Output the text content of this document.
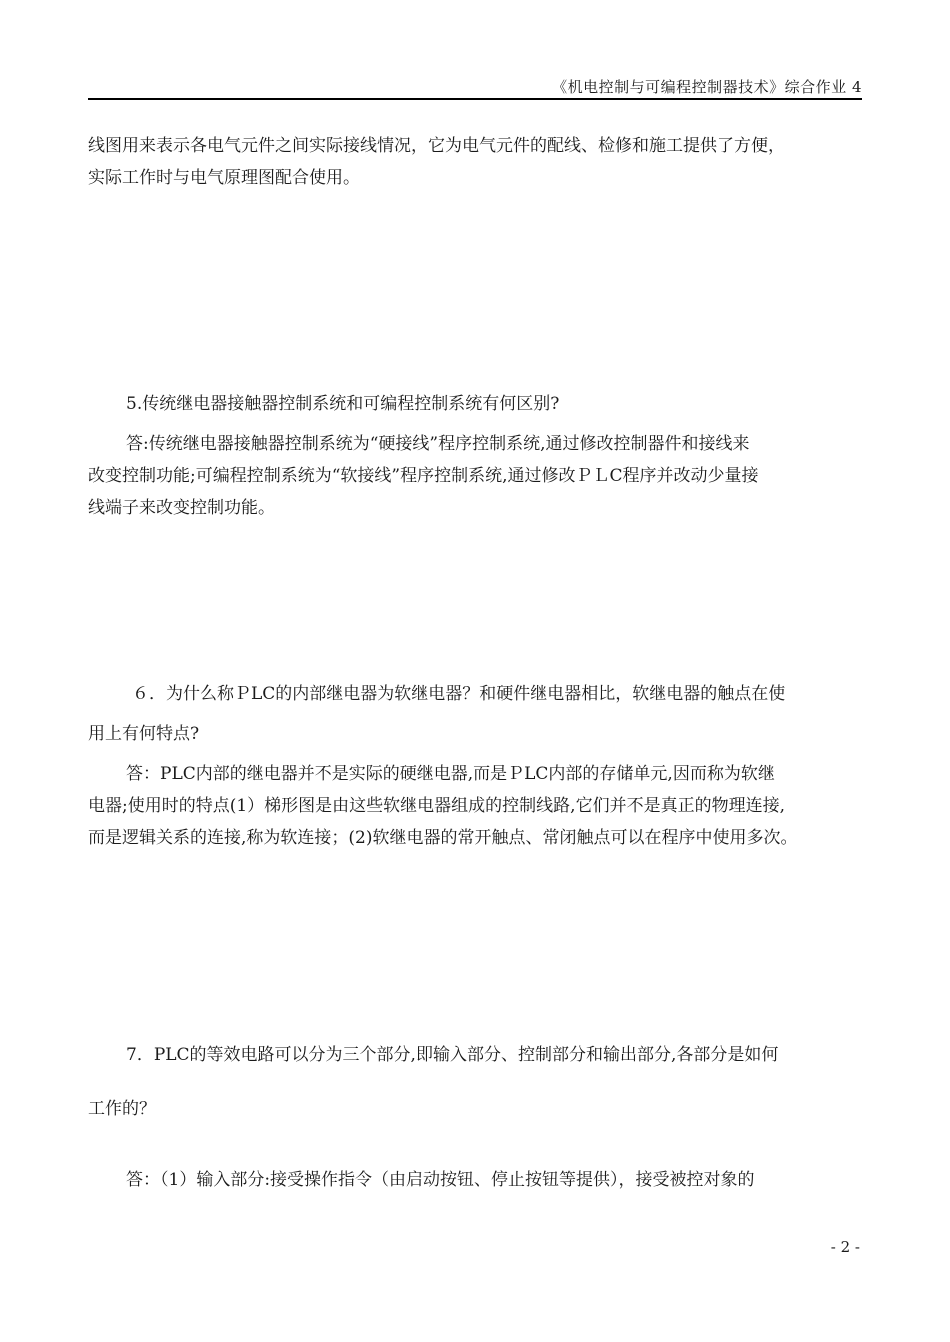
《机电控制与可编程控制器技术》综合作业 4
线图用来表示各电气元件之间实际接线情况，它为电气元件的配线、检修和施工提供了方便，
实际工作时与电气原理图配合使用。
5.传统继电器接触器控制系统和可编程控制系统有何区别?
答:传统继电器接触器控制系统为“硬接线”程序控制系统,通过修改控制器件和接线来
改变控制功能;可编程控制系统为“软接线”程序控制系统,通过修改ＰＬC程序并改动少量接
线端子来改变控制功能。
６．为什么称ＰLC的内部继电器为软继电器？和硬件继电器相比，软继电器的触点在使
用上有何特点?
答：PLC内部的继电器并不是实际的硬继电器,而是ＰLC内部的存储单元,因而称为软继
电器;使用时的特点(1）梯形图是由这些软继电器组成的控制线路,它们并不是真正的物理连接,
而是逻辑关系的连接,称为软连接；(2)软继电器的常开触点、常闭触点可以在程序中使用多次。
7．PLC的等效电路可以分为三个部分,即输入部分、控制部分和输出部分,各部分是如何
工作的？
答：（1）输入部分:接受操作指令（由启动按钮、停止按钮等提供），接受被控对象的
- 2 -
